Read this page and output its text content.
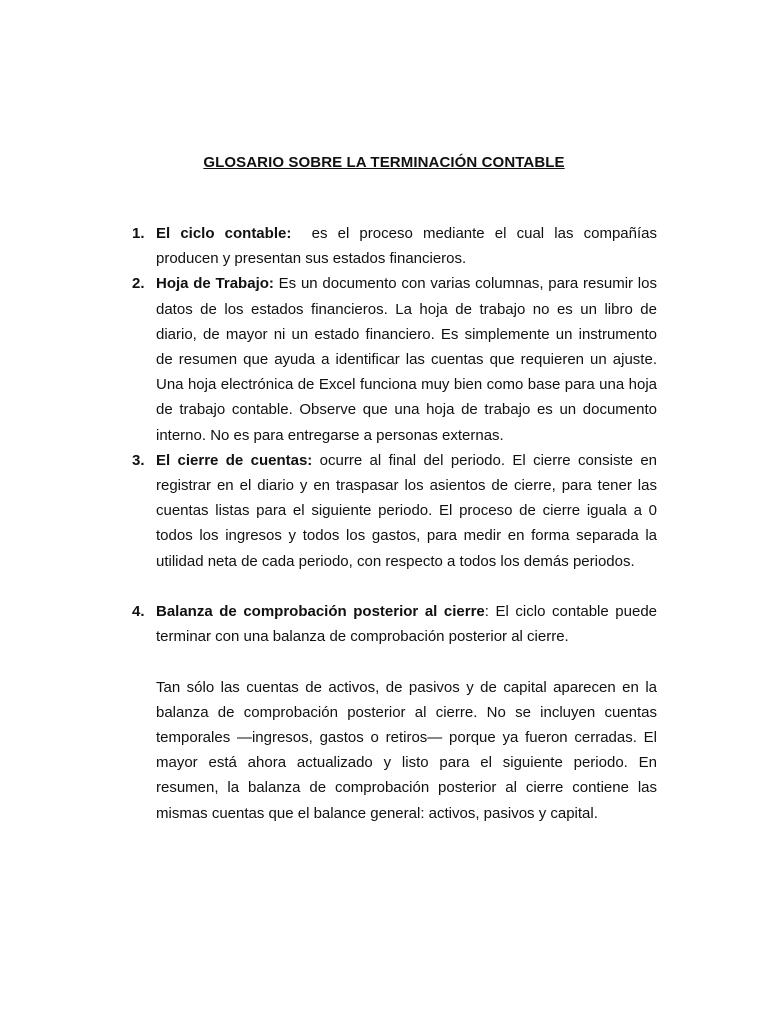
GLOSARIO SOBRE LA TERMINACIÓN CONTABLE
1. El ciclo contable:  es el proceso mediante el cual las compañías producen y presentan sus estados financieros.
2. Hoja de Trabajo: Es un documento con varias columnas, para resumir los datos de los estados financieros. La hoja de trabajo no es un libro de diario, de mayor ni un estado financiero. Es simplemente un instrumento de resumen que ayuda a identificar las cuentas que requieren un ajuste. Una hoja electrónica de Excel funciona muy bien como base para una hoja de trabajo contable. Observe que una hoja de trabajo es un documento interno. No es para entregarse a personas externas.
3. El cierre de cuentas: ocurre al final del periodo. El cierre consiste en registrar en el diario y en traspasar los asientos de cierre, para tener las cuentas listas para el siguiente periodo. El proceso de cierre iguala a 0 todos los ingresos y todos los gastos, para medir en forma separada la utilidad neta de cada periodo, con respecto a todos los demás periodos.
4. Balanza de comprobación posterior al cierre: El ciclo contable puede terminar con una balanza de comprobación posterior al cierre.
Tan sólo las cuentas de activos, de pasivos y de capital aparecen en la balanza de comprobación posterior al cierre. No se incluyen cuentas temporales —ingresos, gastos o retiros— porque ya fueron cerradas. El mayor está ahora actualizado y listo para el siguiente periodo. En resumen, la balanza de comprobación posterior al cierre contiene las mismas cuentas que el balance general: activos, pasivos y capital.
